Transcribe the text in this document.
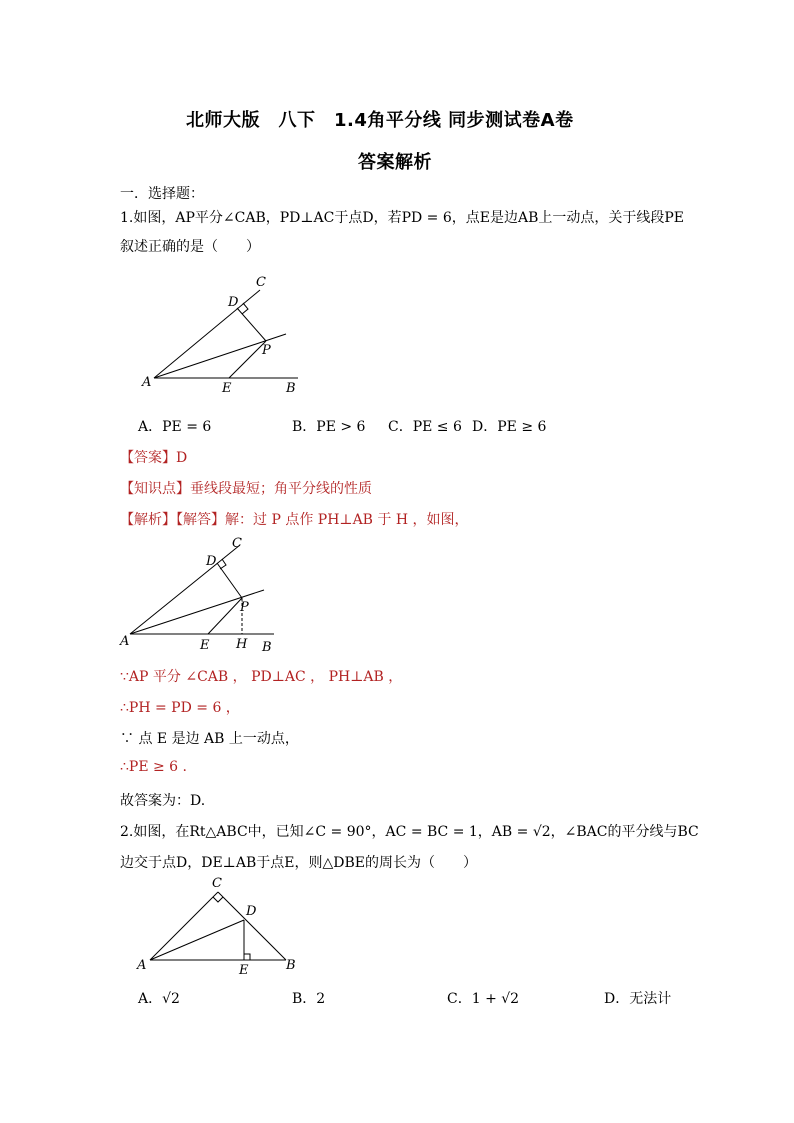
北师大版　八下　1.4角平分线 同步测试卷A卷
答案解析
一．选择题：
1.如图，AP平分∠CAB，PD⊥AC于点D，若PD = 6，点E是边AB上一动点，关于线段PE
叙述正确的是（　　）
C
D
P
A	E	B
A．PE = 6	B．PE > 6 C．PE ≤ 6 D．PE ≥ 6
【答案】D
【知识点】垂线段最短；角平分线的性质
【解析】【解答】解：过 P 点作 PH⊥AB 于 H ，如图，
C
D
P
A	E H B
∵AP 平分 ∠CAB ， PD⊥AC ， PH⊥AB ，
∴PH = PD = 6 ，
∵ 点 E 是边 AB 上一动点，
∴PE ≥ 6 .
故答案为：D.
2.如图，在Rt△ABC中，已知∠C = 90°，AC = BC = 1，AB = √2，∠BAC的平分线与BC
边交于点D，DE⊥AB于点E，则△DBE的周长为（　　）
C
D
A	E	B
A．√2	B．2	C．1 + √2	D．无法计
